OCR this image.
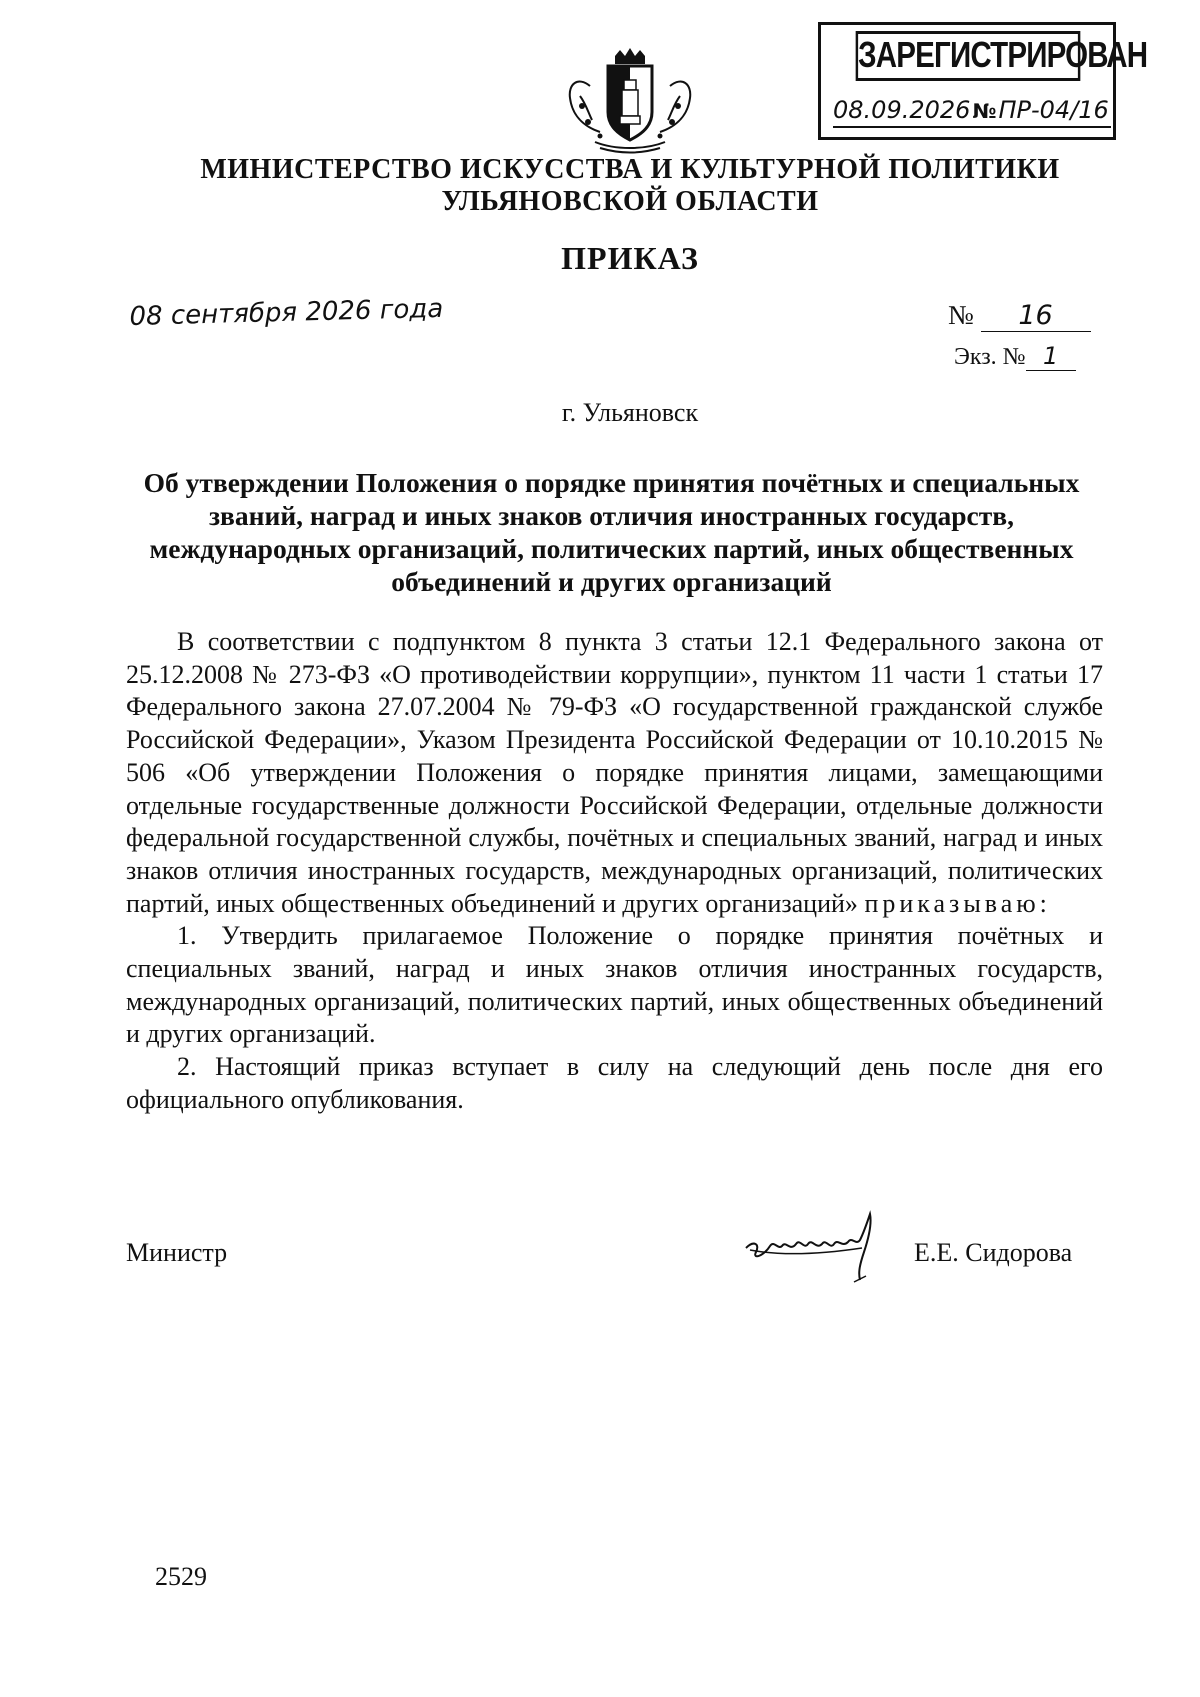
ЗАРЕГИСТРИРОВАН
08.09.2026 №ПР-04/16
МИНИСТЕРСТВО ИСКУССТВА И КУЛЬТУРНОЙ ПОЛИТИКИ
УЛЬЯНОВСКОЙ ОБЛАСТИ
ПРИКАЗ
08 сентября 2026 года	№ 16
Экз. № 1
г. Ульяновск
Об утверждении Положения о порядке принятия почётных и специальных званий, наград и иных знаков отличия иностранных государств, международных организаций, политических партий, иных общественных объединений и других организаций

В соответствии с подпунктом 8 пункта 3 статьи 12.1 Федерального закона от 25.12.2008 № 273-ФЗ «О противодействии коррупции», пунктом 11 части 1 статьи 17 Федерального закона 27.07.2004 № 79-ФЗ «О государственной гражданской службе Российской Федерации», Указом Президента Российской Федерации от 10.10.2015 № 506 «Об утверждении Положения о порядке принятия лицами, замещающими отдельные государственные должности Российской Федерации, отдельные должности федеральной государственной службы, почётных и специальных званий, наград и иных знаков отличия иностранных государств, международных организаций, политических партий, иных общественных объединений и других организаций» приказываю:

1. Утвердить прилагаемое Положение о порядке принятия почётных и специальных званий, наград и иных знаков отличия иностранных государств, международных организаций, политических партий, иных общественных объединений и других организаций.

2. Настоящий приказ вступает в силу на следующий день после дня его официального опубликования.

Министр	Е.Е. Сидорова
2529
